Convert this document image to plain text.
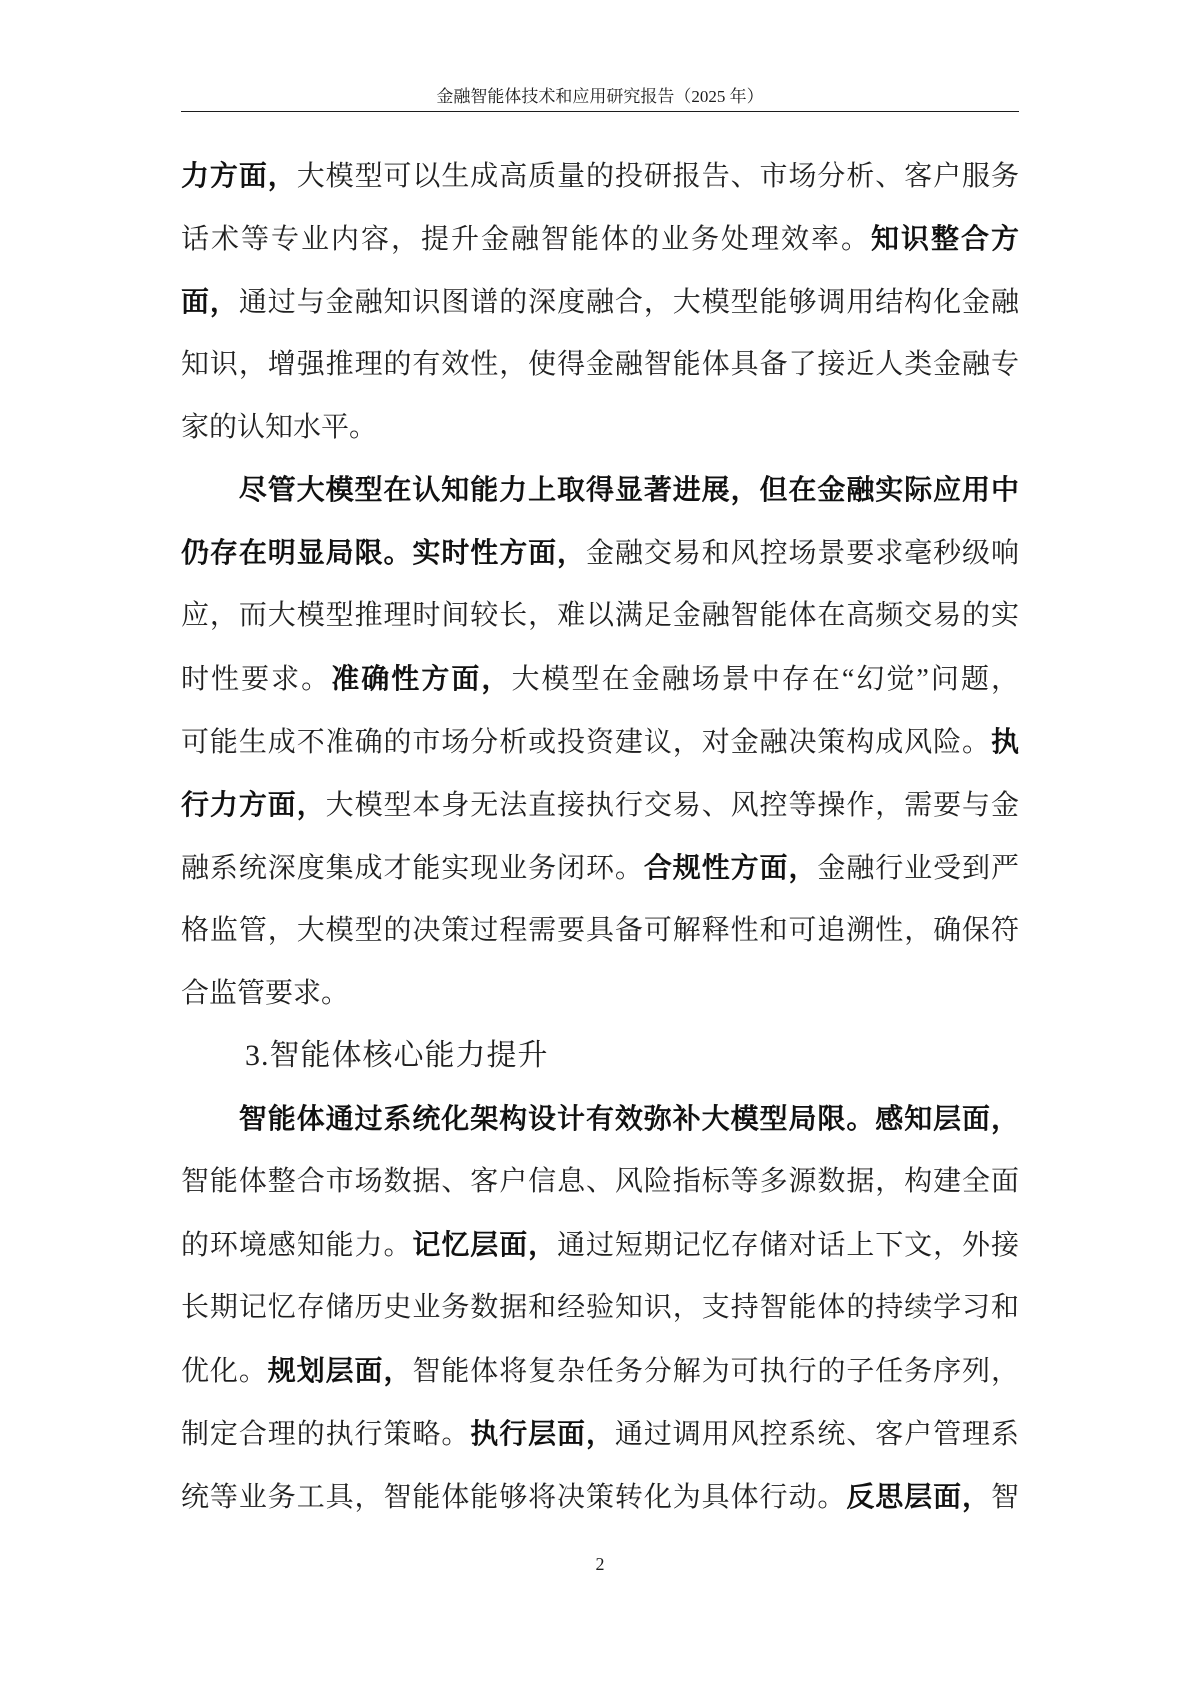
金融智能体技术和应用研究报告（2025 年）
力方面，大模型可以生成高质量的投研报告、市场分析、客户服务
话术等专业内容，提升金融智能体的业务处理效率。知识整合方
面，通过与金融知识图谱的深度融合，大模型能够调用结构化金融
知识，增强推理的有效性，使得金融智能体具备了接近人类金融专
家的认知水平。
尽管大模型在认知能力上取得显著进展，但在金融实际应用中
仍存在明显局限。实时性方面，金融交易和风控场景要求毫秒级响
应，而大模型推理时间较长，难以满足金融智能体在高频交易的实
时性要求。准确性方面，大模型在金融场景中存在“幻觉”问题，
可能生成不准确的市场分析或投资建议，对金融决策构成风险。执
行力方面，大模型本身无法直接执行交易、风控等操作，需要与金
融系统深度集成才能实现业务闭环。合规性方面，金融行业受到严
格监管，大模型的决策过程需要具备可解释性和可追溯性，确保符
合监管要求。
3.智能体核心能力提升
智能体通过系统化架构设计有效弥补大模型局限。感知层面，
智能体整合市场数据、客户信息、风险指标等多源数据，构建全面
的环境感知能力。记忆层面，通过短期记忆存储对话上下文，外接
长期记忆存储历史业务数据和经验知识，支持智能体的持续学习和
优化。规划层面，智能体将复杂任务分解为可执行的子任务序列，
制定合理的执行策略。执行层面，通过调用风控系统、客户管理系
统等业务工具，智能体能够将决策转化为具体行动。反思层面，智
2
